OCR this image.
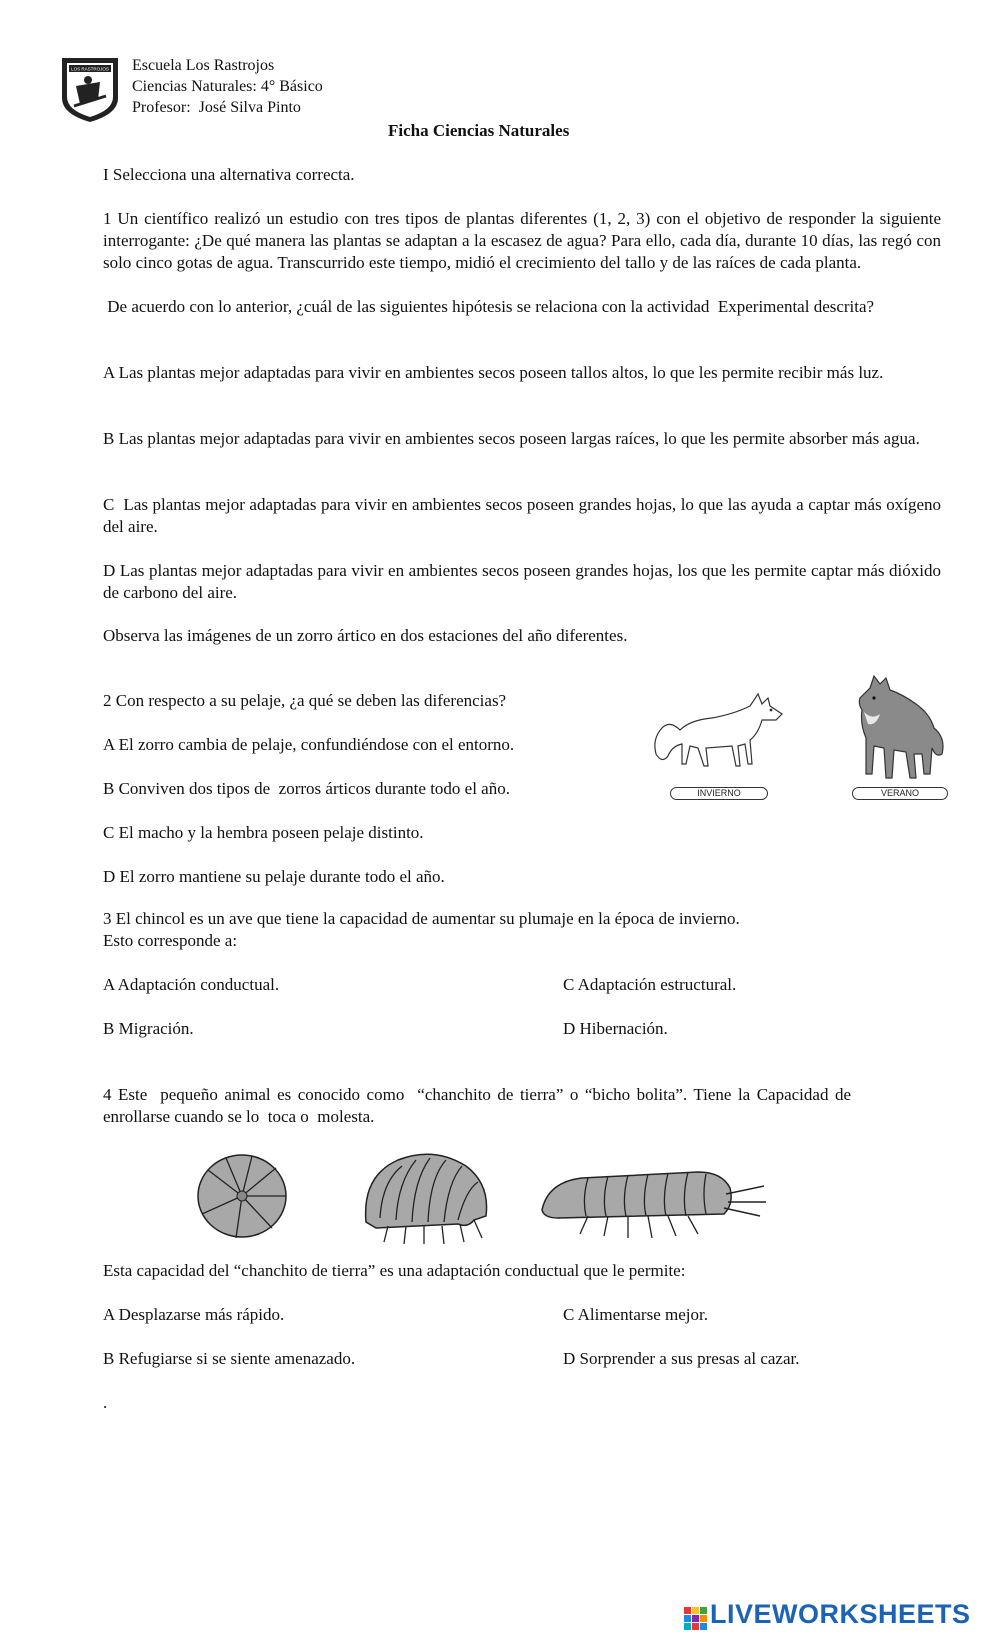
LOS RASTROJOS Escuela Los Rastrojos
Ciencias Naturales: 4° Básico
Profesor:  José Silva Pinto
Ficha Ciencias Naturales
I Selecciona una alternativa correcta.
1 Un científico realizó un estudio con tres tipos de plantas diferentes (1, 2, 3) con el objetivo de responder la siguiente interrogante: ¿De qué manera las plantas se adaptan a la escasez de agua? Para ello, cada día, durante 10 días, las regó con solo cinco gotas de agua. Transcurrido este tiempo, midió el crecimiento del tallo y de las raíces de cada planta.
De acuerdo con lo anterior, ¿cuál de las siguientes hipótesis se relaciona con la actividad  Experimental descrita?
A Las plantas mejor adaptadas para vivir en ambientes secos poseen tallos altos, lo que les permite recibir más luz.
B Las plantas mejor adaptadas para vivir en ambientes secos poseen largas raíces, lo que les permite absorber más agua.
C  Las plantas mejor adaptadas para vivir en ambientes secos poseen grandes hojas, lo que las ayuda a captar más oxígeno del aire.
D Las plantas mejor adaptadas para vivir en ambientes secos poseen grandes hojas, los que les permite captar más dióxido de carbono del aire.
Observa las imágenes de un zorro ártico en dos estaciones del año diferentes.
2 Con respecto a su pelaje, ¿a qué se deben las diferencias?
A El zorro cambia de pelaje, confundiéndose con el entorno.
B Conviven dos tipos de  zorros árticos durante todo el año.
C El macho y la hembra poseen pelaje distinto.
D El zorro mantiene su pelaje durante todo el año.
INVIERNO	VERANO
3 El chincol es un ave que tiene la capacidad de aumentar su plumaje en la época de invierno.
Esto corresponde a:
A Adaptación conductual.	C Adaptación estructural.
B Migración.	D Hibernación.
4 Este  pequeño animal es conocido como  “chanchito de tierra” o “bicho bolita”. Tiene la Capacidad de enrollarse cuando se lo  toca o  molesta.
Esta capacidad del “chanchito de tierra” es una adaptación conductual que le permite:
A Desplazarse más rápido.	C Alimentarse mejor.
B Refugiarse si se siente amenazado.	D Sorprender a sus presas al cazar.
.
LIVEWORKSHEETS
